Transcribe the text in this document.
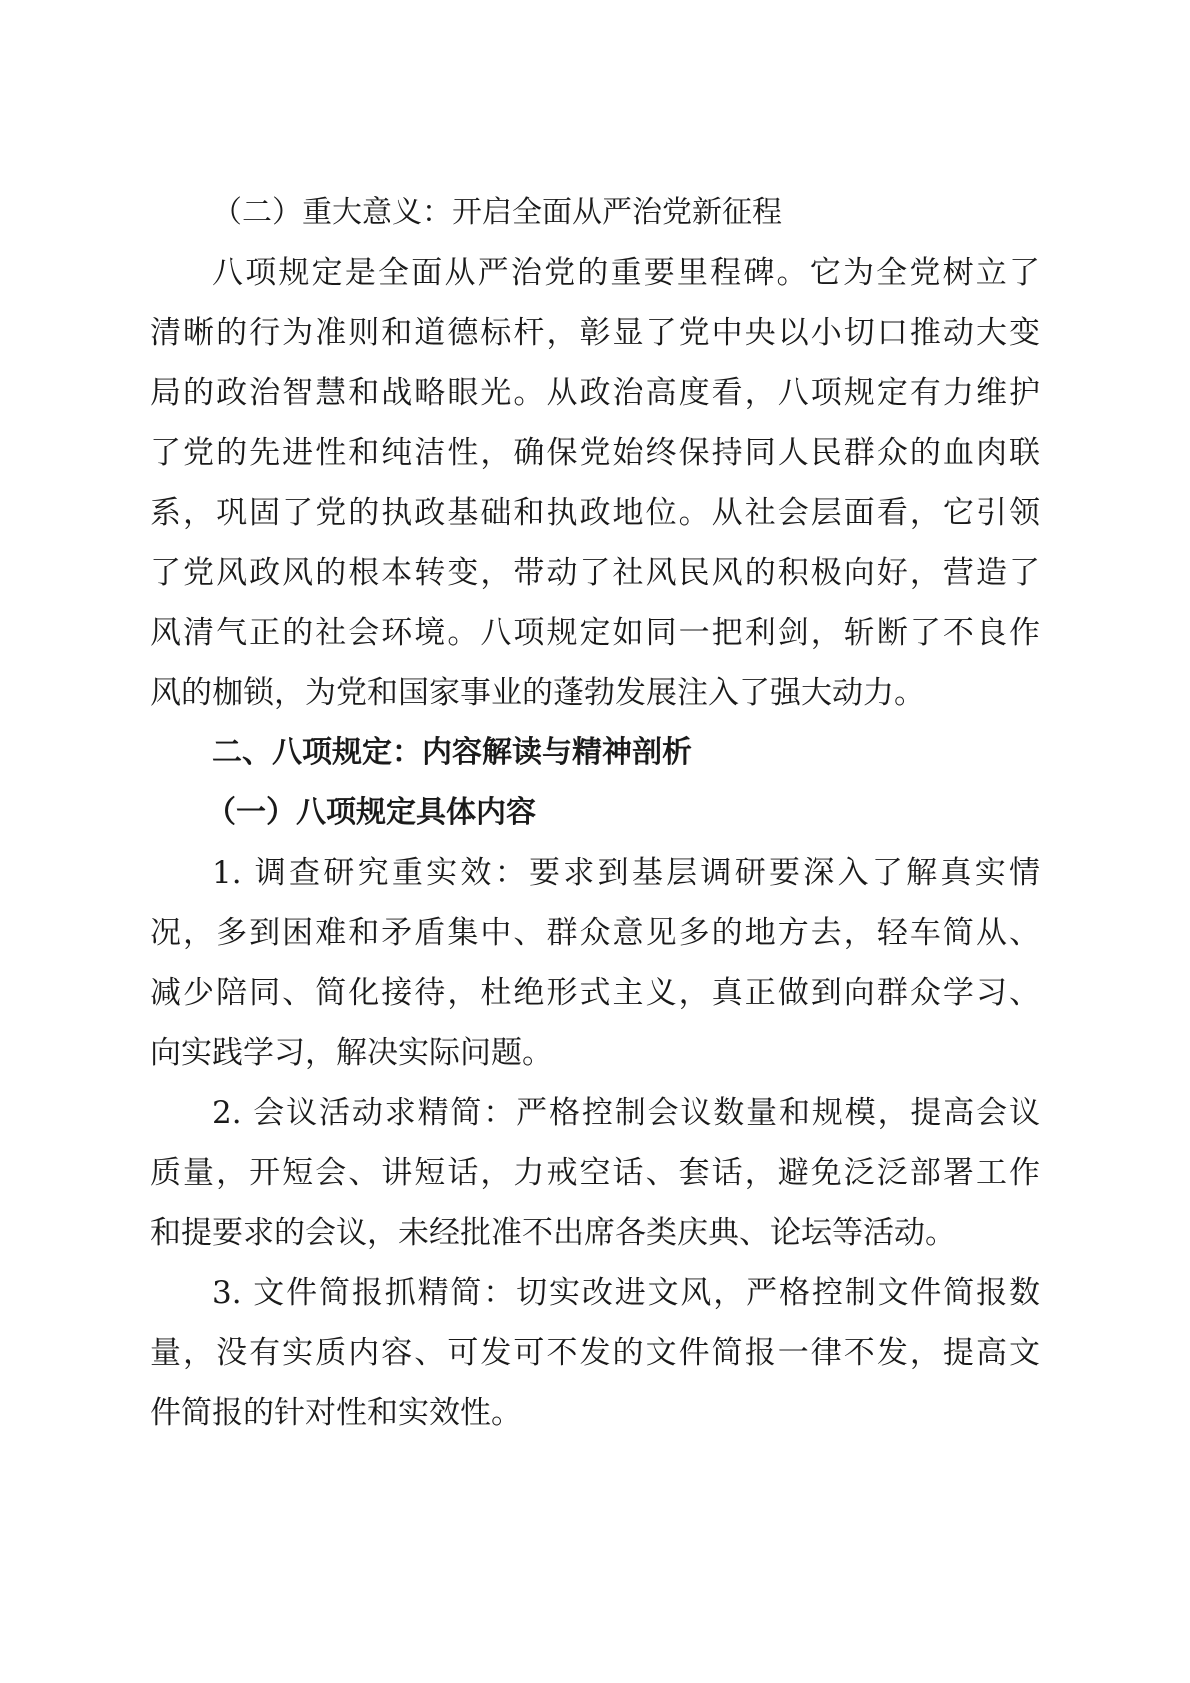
（二）重大意义：开启全面从严治党新征程
八项规定是全面从严治党的重要里程碑。它为全党树立了
清晰的行为准则和道德标杆，彰显了党中央以小切口推动大变
局的政治智慧和战略眼光。从政治高度看，八项规定有力维护
了党的先进性和纯洁性，确保党始终保持同人民群众的血肉联
系，巩固了党的执政基础和执政地位。从社会层面看，它引领
了党风政风的根本转变，带动了社风民风的积极向好，营造了
风清气正的社会环境。八项规定如同一把利剑，斩断了不良作
风的枷锁，为党和国家事业的蓬勃发展注入了强大动力。
二、八项规定：内容解读与精神剖析
（一）八项规定具体内容
1. 调查研究重实效：要求到基层调研要深入了解真实情
况，多到困难和矛盾集中、群众意见多的地方去，轻车简从、
减少陪同、简化接待，杜绝形式主义，真正做到向群众学习、
向实践学习，解决实际问题。
2. 会议活动求精简：严格控制会议数量和规模，提高会议
质量，开短会、讲短话，力戒空话、套话，避免泛泛部署工作
和提要求的会议，未经批准不出席各类庆典、论坛等活动。
3. 文件简报抓精简：切实改进文风，严格控制文件简报数
量，没有实质内容、可发可不发的文件简报一律不发，提高文
件简报的针对性和实效性。
